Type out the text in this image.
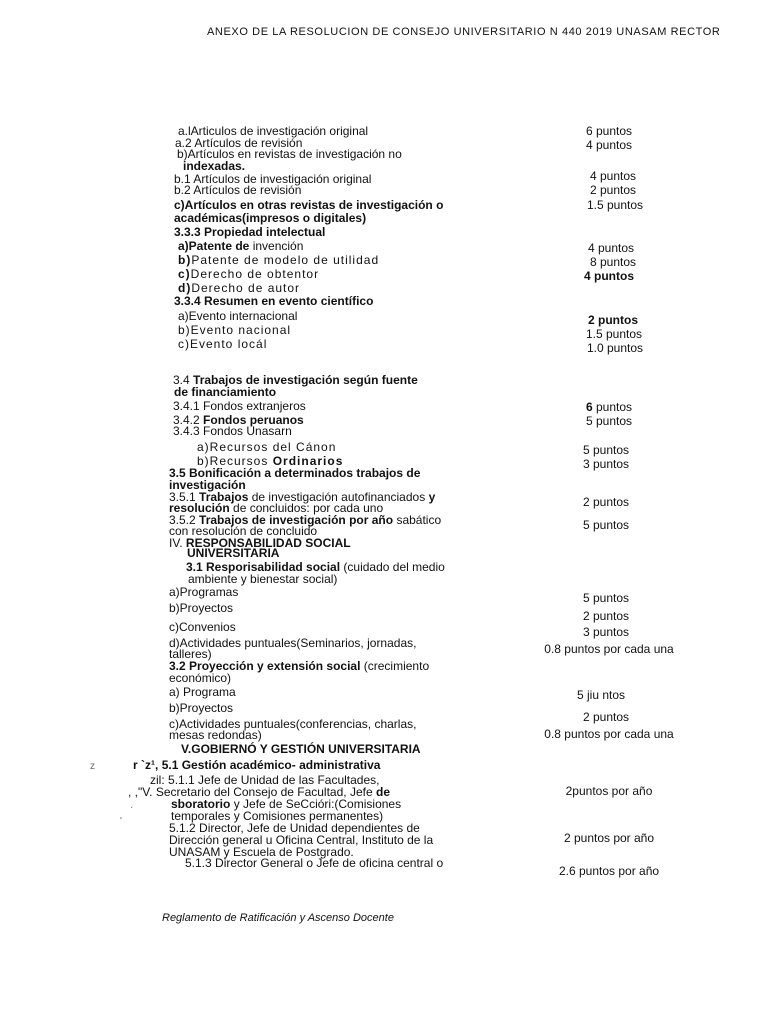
ANEXO DE LA RESOLUCION DE CONSEJO UNIVERSITARIO N 440 2019 UNASAM RECTOR
a.lArticulos de investigación original
a.2 Artículos de revisión
b)Artículos en revistas de investigación no
indexadas.
b.1 Artículos de investigación original
b.2 Artículos de revisión
c)Artículos en otras revistas de investigación o
académicas(impresos o digitales)
3.3.3 Propiedad intelectual
a)Patente de invención
b)Patente de modelo de utilidad
c)Derecho de obtentor
d)Derecho de autor
3.3.4 Resumen en evento científico
a)Evento internacional
b)Evento nacional
c)Evento locál
3.4 Trabajos de investigación según fuente
de financiamiento
3.4.1 Fondos extranjeros
3.4.2 Fondos peruanos
3.4.3 Fondos Unasarn
a)Recursos del Cánon
b)Recursos Ordinarios
3.5 Bonificación a determinados trabajos de
investigación
3.5.1 Trabajos de investigación autofinanciados y
resolución de concluidos: por cada uno
3.5.2 Trabajos de investigación por año sabático
con resolución de concluido
IV. RESPONSABILIDAD SOCIAL
UNIVERSITARIA
3.1 Resporisabilidad social (cuidado del medio
ambiente y bienestar social)
a)Programas
b)Proyectos
c)Convenios
d)Actividades puntuales(Seminarios, jornadas,
talleres)
3.2 Proyección y extensión social (crecimiento
económico)
a) Programa
b)Proyectos
c)Actividades puntuales(conferencias, charlas,
mesas redondas)
V.GOBIERNÓ Y GESTIÓN UNIVERSITARIA
r `z¹, 5.1 Gestión académico- administrativa
zil: 5.1.1 Jefe de Unidad de las Facultades,
, ,"V. Secretario del Consejo de Facultad, Jefe de
sboratorio y Jefe de SeCcióri:(Comisiones
temporales y Comisiones permanentes)
5.1.2 Director, Jefe de Unidad dependientes de
Dirección general u Oficina Central, Instituto de la
UNASAM y Escuela de Postgrado.
5.1.3 Director General o Jefe de oficina central o
6 puntos
4 puntos
4 puntos
2 puntos
1.5 puntos
4 puntos
8 puntos
4 puntos
2 puntos
1.5 puntos
1.0 puntos
6 puntos
5 puntos
5 puntos
3 puntos
2 puntos
5 puntos
5 puntos
2 puntos
3 puntos
0.8 puntos por cada una
5 jiu ntos
2 puntos
0.8 puntos por cada una
2puntos por año
2 puntos por año
2.6 puntos por año
z
·
'
Reglamento de Ratificación y Ascenso Docente
